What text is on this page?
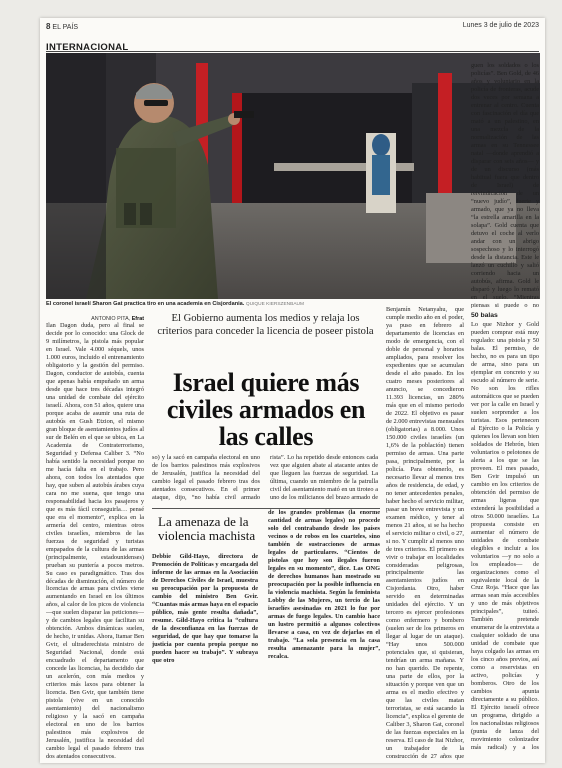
8 EL PAÍS	Lunes 3 de julio de 2023
INTERNACIONAL
El coronel israelí Sharon Gat practica tiro en una academia en Cisjordania. QUIQUE KIERSZENBAUM
ANTONIO PITA, Efrat
Ilan Dagon duda, pero al final se decide por lo conocido: una Glock de 9 milímetros, la pistola más popular en Israel. Vale 4.000 séquels, unos 1.000 euros, incluido el entrenamiento obligatorio y la gestión del permiso. Dagon, conductor de autobús, cuenta que apenas había empuñado un arma desde que hace tres décadas integró una unidad de combate del ejército israelí. Ahora, con 51 años, quiere una porque acaba de asumir una ruta de autobús en Gush Etzion, el mismo gran bloque de asentamientos judíos al sur de Belén en el que se ubica, en La Academia de Contraterrorismo, Seguridad y Defensa Caliber 3. “No había sentido la necesidad porque no me hacía falta en el trabajo. Pero ahora, con todos los atentados que hay, que suben al autobús árabes cuya cara no me suena, que tengo una responsabilidad hacia los pasajeros y que es más fácil conseguirla… pensé que era el momento”, explica en la armería del centro, mientras otros civiles israelíes, miembros de las fuerzas de seguridad y turistas empapados de la cultura de las armas (principalmente, estadounidenses) prueban su puntería a pocos metros. Su caso es paradigmático. Tras dos décadas de disminución, el número de licencias de armas para civiles viene aumentando en Israel en los últimos años, al calor de los picos de violencia —que suelen disparar las peticiones— y de cambios legales que facilitan su obtención. Ambos dinámicas suelen, de hecho, ir unidas. Ahora, Itamar Ben Gvir, el ultraderechista ministro de Seguridad Nacional, donde está encuadrado el departamento que concede las licencias, ha decidido dar un acelerón, con más medios y criterios más laxos para obtener la licencia. Ben Gvir, que también tiene pistola (vive en un conocido asentamiento) del nacionalismo religioso y la sacó en campaña electoral en uno de los barrios palestinos más explosivos de Jerusalén, justifica la necesidad del cambio legal el pasado febrero tras dos atentados consecutivos.
El Gobierno aumenta los medios y relaja los criterios para conceder la licencia de poseer pistola
Israel quiere más civiles armados en las calles
so) y la sacó en campaña electoral en uno de los barrios palestinos más explosivos de Jerusalén, justifica la necesidad del cambio legal el pasado febrero tras dos atentados consecutivos. En el primer ataque, dijo, “no había civil armado
rista”. Lo ha repetido desde entonces cada vez que alguien abate al atacante antes de que lleguen las fuerzas de seguridad. La última, cuando un miembro de la patrulla civil del asentamiento mató en un tiroteo a uno de los milicianos del brazo armado de
La amenaza de la violencia machista
Debbie Gild-Hayo, directora de Promoción de Políticas y encargada del informe de las armas en la Asociación de Derechos Civiles de Israel, muestra su preocupación por la propuesta de cambio del ministro Ben Gvir. “Cuantas más armas haya en el espacio público, más gente resulta dañada”, resume. Gild-Hayo critica la “cultura de la desconfianza en las fuerzas de seguridad, de que hay que tomarse la justicia por cuenta propia porque no pueden hacer su trabajo”. Y subraya que otro
de los grandes problemas (la enorme cantidad de armas legales) no procede solo del contrabando desde los países vecinos o de robos en los cuarteles, sino también de sustracciones de armas legales de particulares. “Cientos de pistolas que hoy son ilegales fueron legales en su momento”, dice. Las ONG de derechos humanos han mostrado su preocupación por la posible influencia en la violencia machista. Según la feminista Lobby de las Mujeres, un tercio de las israelíes asesinadas en 2021 lo fue por armas de fuego legales. Un cambio hace un lustro permitió a algunos colectivos llevarse a casa, en vez de dejarlas en el trabajo. “La sola presencia en la casa resulta amenazante para la mujer”, recalca.
Benjamín Netanyahu, que cumple medio año en el poder, ya puso en febrero al departamento de licencias en modo de emergencia, con el doble de personal y horarios ampliados, para resolver los expedientes que se acumulan desde el año pasado. En los cuatro meses posteriores al anuncio, se concedieron 11.393 licencias, un 280% más que en el mismo periodo de 2022. El objetivo es pasar de 2.000 entrevistas mensuales (obligatorias) a 8.000. Unos 150.000 civiles israelíes (un 1,6% de la población) tienen permiso de armas. Una parte pasa, principalmente, por la policía. Para obtenerlo, es necesario llevar al menos tres años de residencia, de edad, y no tener antecedentes penales, haber hecho el servicio militar, pasar un breve entrevista y un examen médico, y tener al menos 21 años, si se ha hecho el servicio militar o civil, o 27, si no. Y cumplir al menos uno de tres criterios. El primero es vivir o trabajar en localidades consideradas peligrosas, principalmente las asentamientos judíos en Cisjordania. Otro, haber servido en determinadas unidades del ejército. Y un tercero es ejercer profesiones como enfermero y bombero (suelen ser de los primeros en llegar al lugar de un ataque). “Hay unos 500.000 potenciales que, si quisieran, tendrían un arma mañana. Y no han querido. De repente, una parte de ellos, por la situación y porque ven que un arma es el medio efectivo y que las civiles matan terroristas, se está sacando la licencia”, explica el gerente de Caliber 3, Sharon Gat, coronel de las fuerzas especiales en la reserva. El caso de Itai Nizhor, un trabajador de la construcción de 27 años que
guen los soldados o los policías”. Ben Gold, de 46 años y voluntario en la policía de fronteras, acude dos veces por semana a entrenar al centro. Cuenta con fascinación el día que mató a un palestino, en una mezcla de la normalización de las armas en su Tennessee natal —donde aprendió a disparar con seis años— y de un discurso (más habitual fuera que dentro de Israel) de reivindicación de un “nuevo judío”, fuerte y armado, que ya no lleva “la estrella amarilla en la solapa”. Gold cuenta que detuvo el coche al verlo andar con un abrigo sospechoso y lo interrogó desde la distancia. Este le lanzó un cuchillo y salió corriendo hacia un autobús, afirma. Gold le disparó y luego lo remató en el suelo. “Mientras piensas si puede o no
50 balas
Lo que Nizhor y Gold pueden comprar está muy regulado: una pistola y 50 balas. El permiso, de hecho, no es para un tipo de arma, sino para un ejemplar en concreto y su escudo al número de serie. No son los rifles automáticos que se pueden ver por la calle en Israel y suelen sorprender a los turistas. Esos pertenecen al Ejército o la Policía y quienes los llevan son bien soldados de Hebrón, bien voluntarios o pelotones de alerta a los que se las proveen. El mes pasado, Ben Gvir impulsó un cambio en los criterios de obtención del permiso de armas ligeras que extenderá la posibilidad a otros 50.000 israelíes. La propuesta consiste en aumentar el número de unidades de combate elegibles e incluir a los voluntarios —y no solo a los empleados— de organizaciones como el equivalente local de la Cruz Roja. “Hace que las armas sean más accesibles y uno de más objetivos principales”, tuiteó. También pretende enumerar de la entrevista a cualquier soldado de una unidad de combate que haya colgado las armas en los cinco años previos, así como a reservistas en activo, policías y bomberos. Otro de los cambios apunta directamente a su público. El Ejército israelí ofrece un programa, dirigido a los nacionalistas religiosos (punta de lanza del movimiento colonizador más radical) y a los
